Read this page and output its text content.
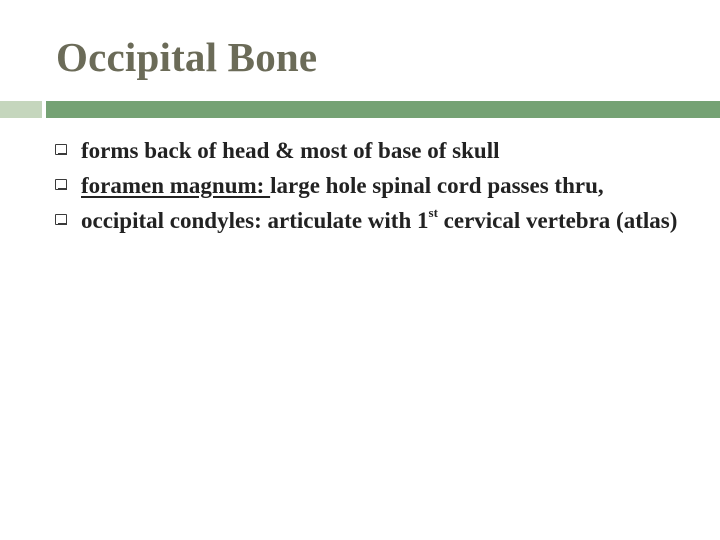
Occipital Bone
forms back of head & most of base of skull
foramen magnum: large hole spinal cord passes thru,
occipital condyles: articulate with 1st cervical vertebra (atlas)
